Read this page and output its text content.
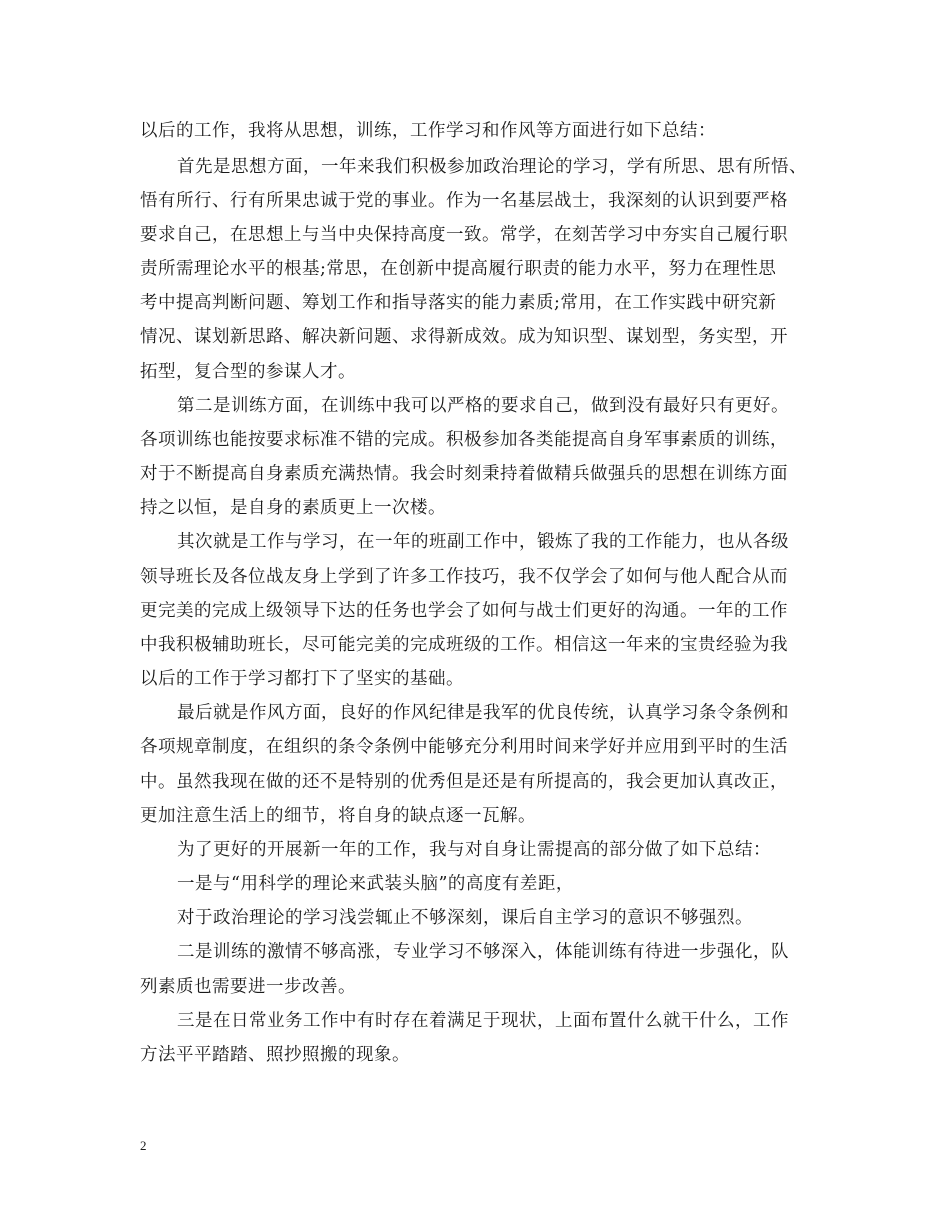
以后的工作，我将从思想，训练，工作学习和作风等方面进行如下总结：
首先是思想方面，一年来我们积极参加政治理论的学习，学有所思、思有所悟、
悟有所行、行有所果忠诚于党的事业。作为一名基层战士，我深刻的认识到要严格
要求自己，在思想上与当中央保持高度一致。常学，在刻苦学习中夯实自己履行职
责所需理论水平的根基;常思，在创新中提高履行职责的能力水平，努力在理性思
考中提高判断问题、筹划工作和指导落实的能力素质;常用，在工作实践中研究新
情况、谋划新思路、解决新问题、求得新成效。成为知识型、谋划型，务实型，开
拓型，复合型的参谋人才。
第二是训练方面，在训练中我可以严格的要求自己，做到没有最好只有更好。
各项训练也能按要求标准不错的完成。积极参加各类能提高自身军事素质的训练，
对于不断提高自身素质充满热情。我会时刻秉持着做精兵做强兵的思想在训练方面
持之以恒，是自身的素质更上一次楼。
其次就是工作与学习，在一年的班副工作中，锻炼了我的工作能力，也从各级
领导班长及各位战友身上学到了许多工作技巧，我不仅学会了如何与他人配合从而
更完美的完成上级领导下达的任务也学会了如何与战士们更好的沟通。一年的工作
中我积极辅助班长，尽可能完美的完成班级的工作。相信这一年来的宝贵经验为我
以后的工作于学习都打下了坚实的基础。
最后就是作风方面，良好的作风纪律是我军的优良传统，认真学习条令条例和
各项规章制度，在组织的条令条例中能够充分利用时间来学好并应用到平时的生活
中。虽然我现在做的还不是特别的优秀但是还是有所提高的，我会更加认真改正，
更加注意生活上的细节，将自身的缺点逐一瓦解。
为了更好的开展新一年的工作，我与对自身让需提高的部分做了如下总结：
一是与“用科学的理论来武装头脑”的高度有差距，
对于政治理论的学习浅尝辄止不够深刻，课后自主学习的意识不够强烈。
二是训练的激情不够高涨，专业学习不够深入，体能训练有待进一步强化，队
列素质也需要进一步改善。
三是在日常业务工作中有时存在着满足于现状，上面布置什么就干什么，工作
方法平平踏踏、照抄照搬的现象。
2
